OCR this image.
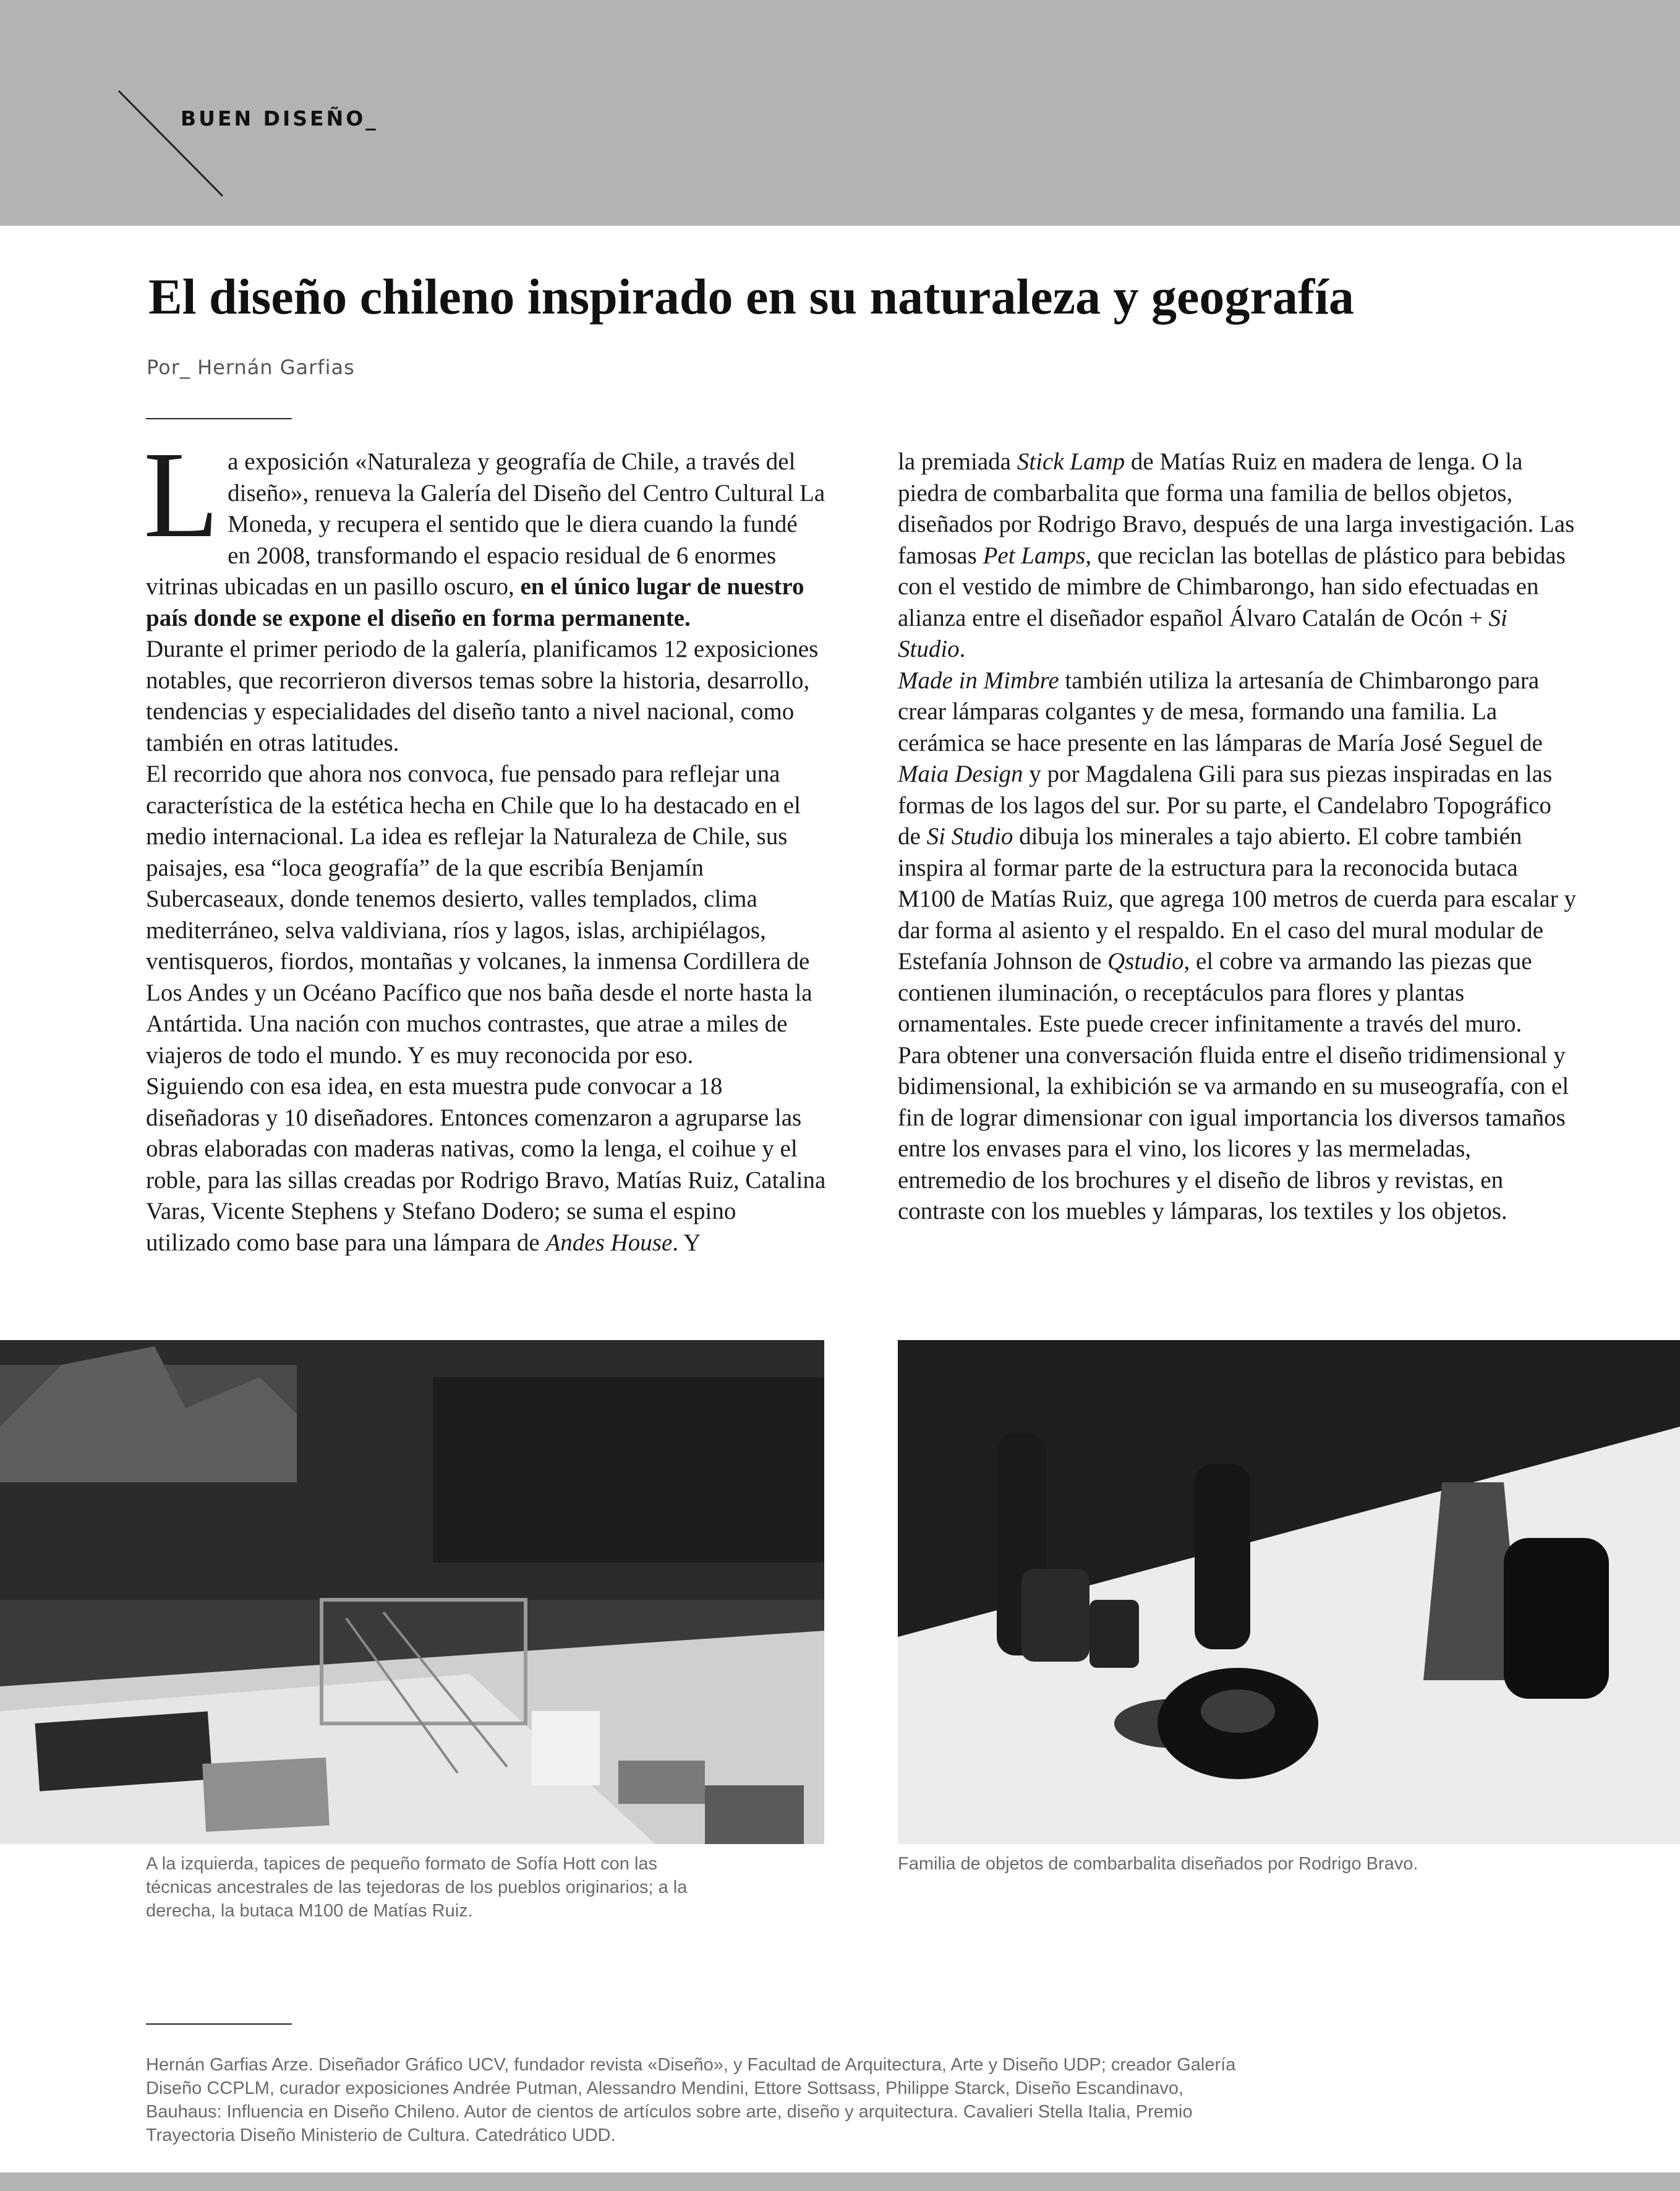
BUEN DISEÑO_
El diseño chileno inspirado en su naturaleza y geografía

Por_ Hernán Garfias

La exposición «Naturaleza y geografía de Chile, a través del diseño», renueva la Galería del Diseño del Centro Cultural La Moneda, y recupera el sentido que le diera cuando la fundé en 2008, transformando el espacio residual de 6 enormes vitrinas ubicadas en un pasillo oscuro, en el único lugar de nuestro país donde se expone el diseño en forma permanente.

Durante el primer periodo de la galería, planificamos 12 exposiciones notables, que recorrieron diversos temas sobre la historia, desarrollo, tendencias y especialidades del diseño tanto a nivel nacional, como también en otras latitudes.

El recorrido que ahora nos convoca, fue pensado para reflejar una característica de la estética hecha en Chile que lo ha destacado en el medio internacional. La idea es reflejar la Naturaleza de Chile, sus paisajes, esa “loca geografía” de la que escribía Benjamín Subercaseaux, donde tenemos desierto, valles templados, clima mediterráneo, selva valdiviana, ríos y lagos, islas, archipiélagos, ventisqueros, fiordos, montañas y volcanes, la inmensa Cordillera de Los Andes y un Océano Pacífico que nos baña desde el norte hasta la Antártida. Una nación con muchos contrastes, que atrae a miles de viajeros de todo el mundo. Y es muy reconocida por eso.

Siguiendo con esa idea, en esta muestra pude convocar a 18 diseñadoras y 10 diseñadores. Entonces comenzaron a agruparse las obras elaboradas con maderas nativas, como la lenga, el coihue y el roble, para las sillas creadas por Rodrigo Bravo, Matías Ruiz, Catalina Varas, Vicente Stephens y Stefano Dodero; se suma el espino utilizado como base para una lámpara de Andes House. Y

la premiada Stick Lamp de Matías Ruiz en madera de lenga. O la piedra de combarbalita que forma una familia de bellos objetos, diseñados por Rodrigo Bravo, después de una larga investigación. Las famosas Pet Lamps, que reciclan las botellas de plástico para bebidas con el vestido de mimbre de Chimbarongo, han sido efectuadas en alianza entre el diseñador español Álvaro Catalán de Ocón + Si Studio.

Made in Mimbre también utiliza la artesanía de Chimbarongo para crear lámparas colgantes y de mesa, formando una familia. La cerámica se hace presente en las lámparas de María José Seguel de Maia Design y por Magdalena Gili para sus piezas inspiradas en las formas de los lagos del sur. Por su parte, el Candelabro Topográfico de Si Studio dibuja los minerales a tajo abierto. El cobre también inspira al formar parte de la estructura para la reconocida butaca M100 de Matías Ruiz, que agrega 100 metros de cuerda para escalar y dar forma al asiento y el respaldo. En el caso del mural modular de Estefanía Johnson de Qstudio, el cobre va armando las piezas que contienen iluminación, o receptáculos para flores y plantas ornamentales. Este puede crecer infinitamente a través del muro.

Para obtener una conversación fluida entre el diseño tridimensional y bidimensional, la exhibición se va armando en su museografía, con el fin de lograr dimensionar con igual importancia los diversos tamaños entre los envases para el vino, los licores y las mermeladas, entremedio de los brochures y el diseño de libros y revistas, en contraste con los muebles y lámparas, los textiles y los objetos.

A la izquierda, tapices de pequeño formato de Sofía Hott con las técnicas ancestrales de las tejedoras de los pueblos originarios; a la derecha, la butaca M100 de Matías Ruiz.

Familia de objetos de combarbalita diseñados por Rodrigo Bravo.

Hernán Garfias Arze. Diseñador Gráfico UCV, fundador revista «Diseño», y Facultad de Arquitectura, Arte y Diseño UDP; creador Galería Diseño CCPLM, curador exposiciones Andrée Putman, Alessandro Mendini, Ettore Sottsass, Philippe Starck, Diseño Escandinavo, Bauhaus: Influencia en Diseño Chileno. Autor de cientos de artículos sobre arte, diseño y arquitectura. Cavalieri Stella Italia, Premio Trayectoria Diseño Ministerio de Cultura. Catedrático UDD.
